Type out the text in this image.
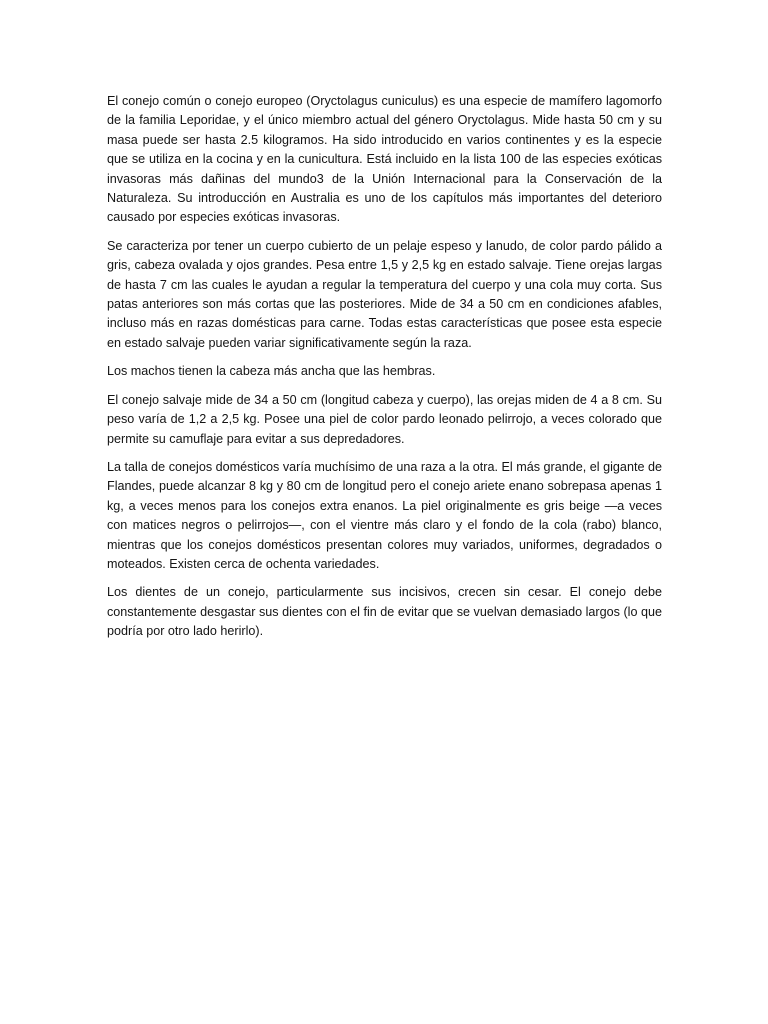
El conejo común o conejo europeo (Oryctolagus cuniculus) es una especie de mamífero lagomorfo de la familia Leporidae, y el único miembro actual del género Oryctolagus. Mide hasta 50 cm y su masa puede ser hasta 2.5 kilogramos. Ha sido introducido en varios continentes y es la especie que se utiliza en la cocina y en la cunicultura. Está incluido en la lista 100 de las especies exóticas invasoras más dañinas del mundo3 de la Unión Internacional para la Conservación de la Naturaleza. Su introducción en Australia es uno de los capítulos más importantes del deterioro causado por especies exóticas invasoras.

Se caracteriza por tener un cuerpo cubierto de un pelaje espeso y lanudo, de color pardo pálido a gris, cabeza ovalada y ojos grandes. Pesa entre 1,5 y 2,5 kg en estado salvaje. Tiene orejas largas de hasta 7 cm las cuales le ayudan a regular la temperatura del cuerpo y una cola muy corta. Sus patas anteriores son más cortas que las posteriores. Mide de 34 a 50 cm en condiciones afables, incluso más en razas domésticas para carne. Todas estas características que posee esta especie en estado salvaje pueden variar significativamente según la raza.

Los machos tienen la cabeza más ancha que las hembras.

El conejo salvaje mide de 34 a 50 cm (longitud cabeza y cuerpo), las orejas miden de 4 a 8 cm. Su peso varía de 1,2 a 2,5 kg. Posee una piel de color pardo leonado pelirrojo, a veces colorado que permite su camuflaje para evitar a sus depredadores.

La talla de conejos domésticos varía muchísimo de una raza a la otra. El más grande, el gigante de Flandes, puede alcanzar 8 kg y 80 cm de longitud pero el conejo ariete enano sobrepasa apenas 1 kg, a veces menos para los conejos extra enanos. La piel originalmente es gris beige —a veces con matices negros o pelirrojos—, con el vientre más claro y el fondo de la cola (rabo) blanco, mientras que los conejos domésticos presentan colores muy variados, uniformes, degradados o moteados. Existen cerca de ochenta variedades.

Los dientes de un conejo, particularmente sus incisivos, crecen sin cesar. El conejo debe constantemente desgastar sus dientes con el fin de evitar que se vuelvan demasiado largos (lo que podría por otro lado herirlo).
